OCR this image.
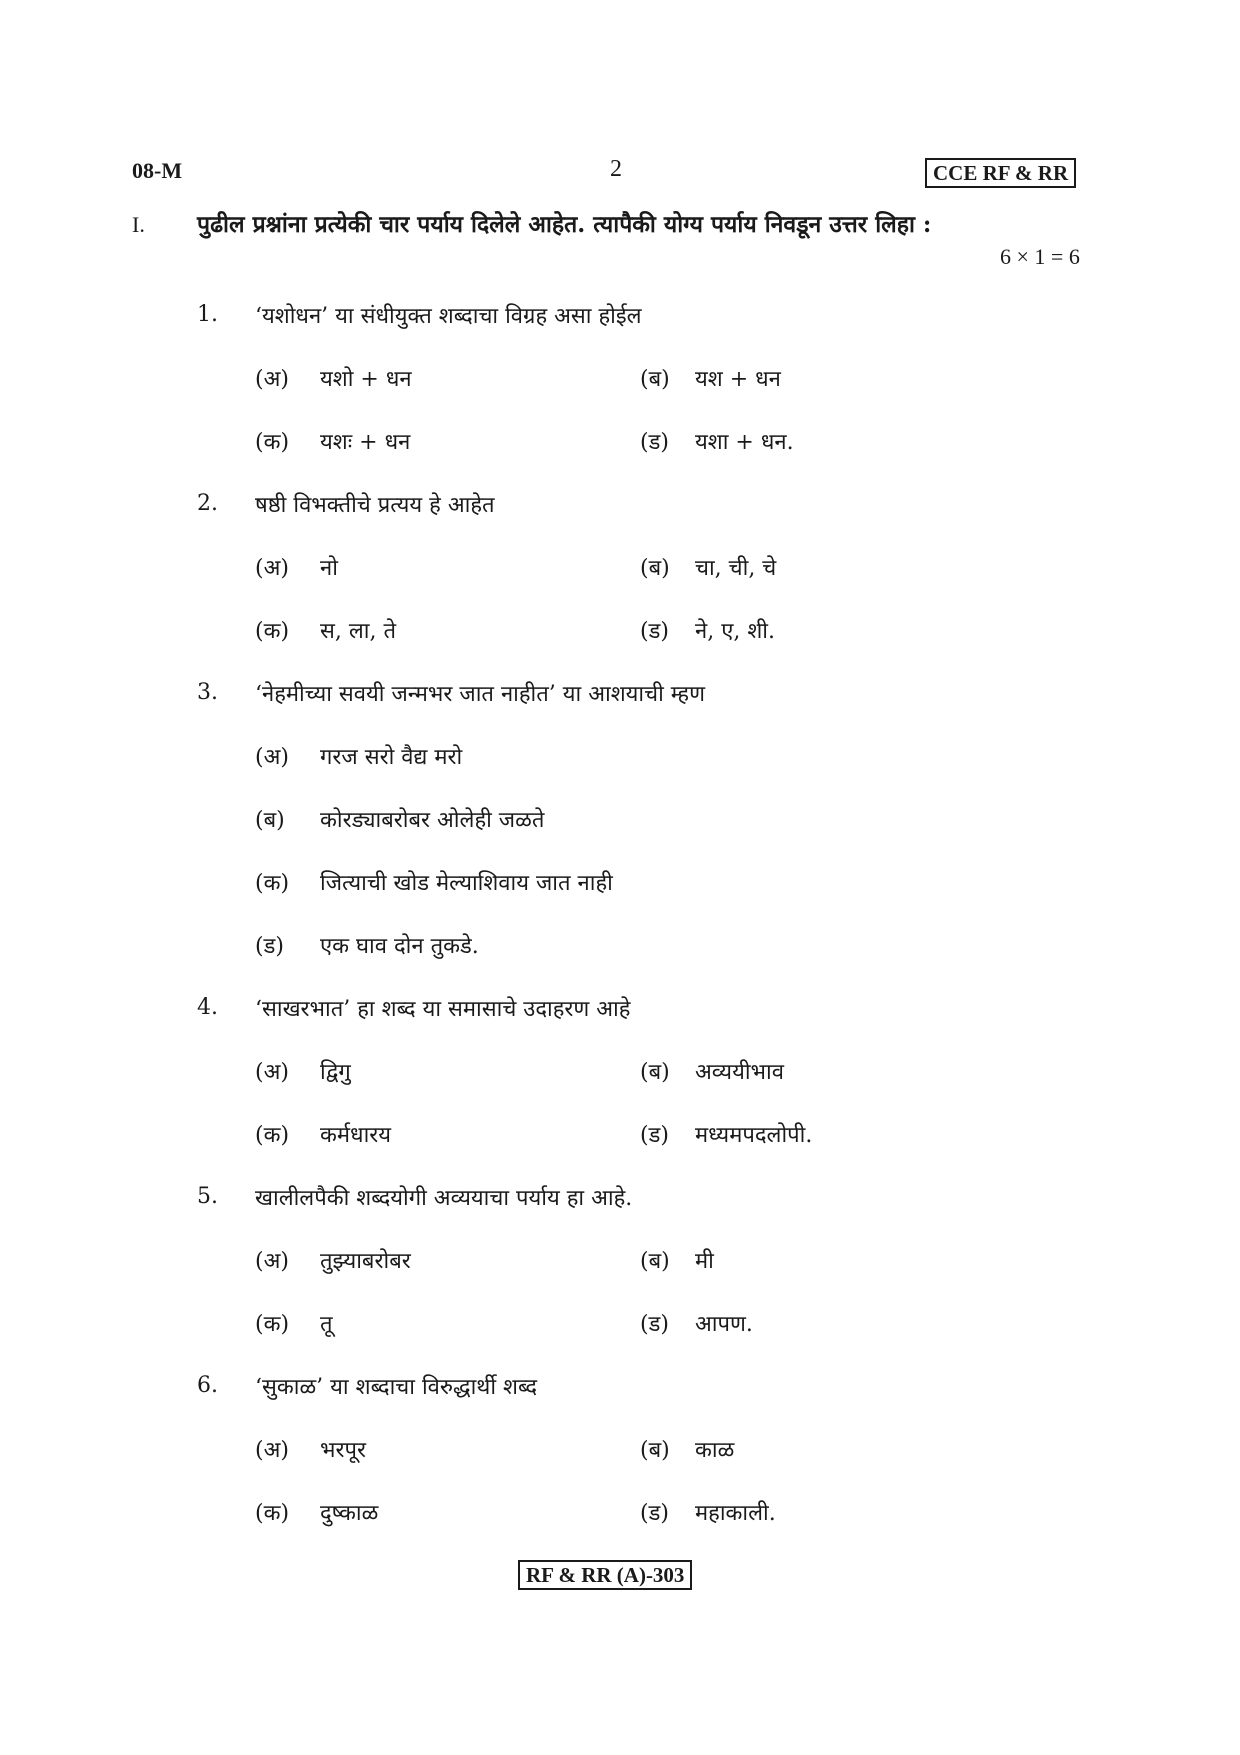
08-M	2	CCE RF & RR
I. पुढील प्रश्नांना प्रत्येकी चार पर्याय दिलेले आहेत. त्यापैकी योग्य पर्याय निवडून उत्तर लिहा :
6 × 1 = 6
1. ‘यशोधन’ या संधीयुक्त शब्दाचा विग्रह असा होईल
(अ) यशो + धन	(ब) यश + धन
(क) यशः + धन	(ड) यशा + धन.
2. षष्ठी विभक्तीचे प्रत्यय हे आहेत
(अ) नो	(ब) चा, ची, चे
(क) स, ला, ते	(ड) ने, ए, शी.
3. ‘नेहमीच्या सवयी जन्मभर जात नाहीत’ या आशयाची म्हण
(अ) गरज सरो वैद्य मरो
(ब) कोरड्याबरोबर ओलेही जळते
(क) जित्याची खोड मेल्याशिवाय जात नाही
(ड) एक घाव दोन तुकडे.
4. ‘साखरभात’ हा शब्द या समासाचे उदाहरण आहे
(अ) द्विगु	(ब) अव्ययीभाव
(क) कर्मधारय	(ड) मध्यमपदलोपी.
5. खालीलपैकी शब्दयोगी अव्ययाचा पर्याय हा आहे.
(अ) तुझ्याबरोबर	(ब) मी
(क) तू	(ड) आपण.
6. ‘सुकाळ’ या शब्दाचा विरुद्धार्थी शब्द
(अ) भरपूर	(ब) काळ
(क) दुष्काळ	(ड) महाकाली.
RF & RR (A)-303
